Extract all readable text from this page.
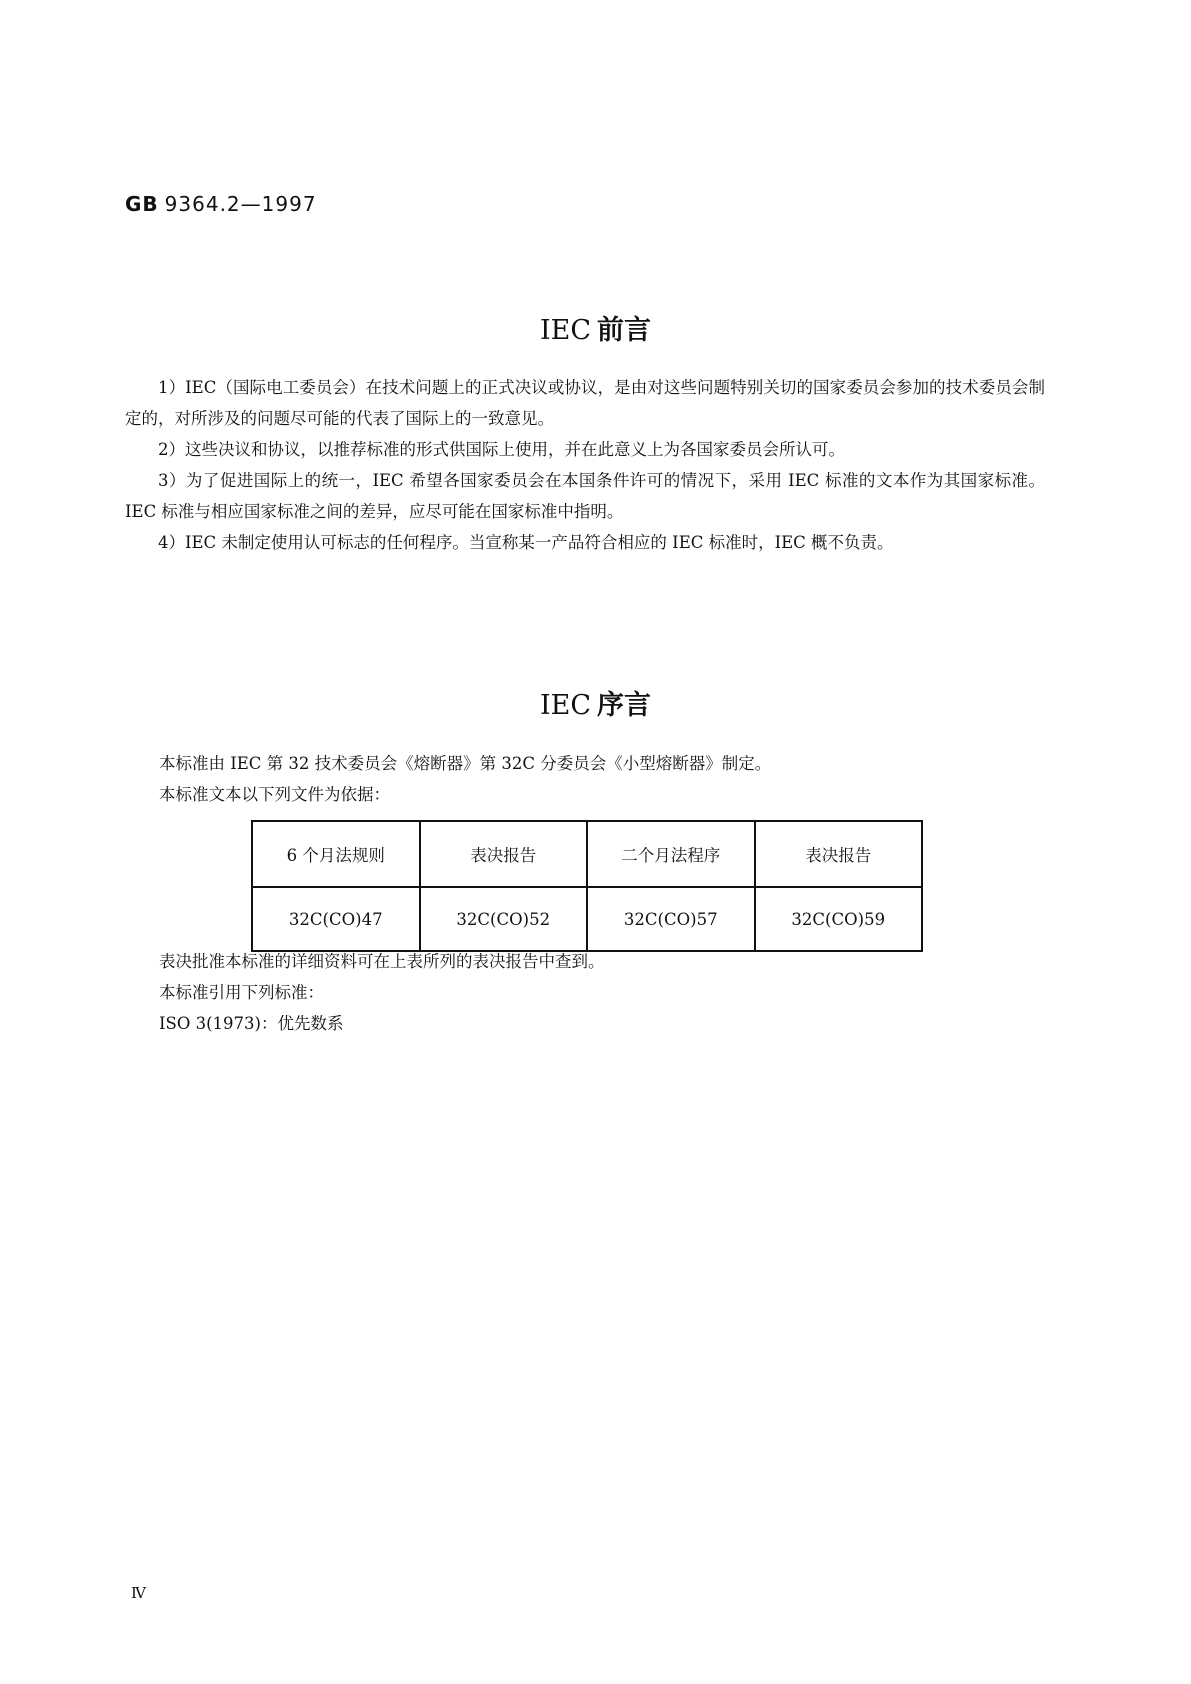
GB 9364.2—1997
IEC 前言

1）IEC（国际电工委员会）在技术问题上的正式决议或协议，是由对这些问题特别关切的国家委员会参加的技术委员会制定的，对所涉及的问题尽可能的代表了国际上的一致意见。

2）这些决议和协议，以推荐标准的形式供国际上使用，并在此意义上为各国家委员会所认可。

3）为了促进国际上的统一，IEC 希望各国家委员会在本国条件许可的情况下，采用 IEC 标准的文本作为其国家标准。IEC 标准与相应国家标准之间的差异，应尽可能在国家标准中指明。

4）IEC 未制定使用认可标志的任何程序。当宣称某一产品符合相应的 IEC 标准时，IEC 概不负责。

IEC 序言

本标准由 IEC 第 32 技术委员会《熔断器》第 32C 分委员会《小型熔断器》制定。

本标准文本以下列文件为依据：

6 个月法规则	表决报告	二个月法程序	表决报告
32C(CO)47	32C(CO)52	32C(CO)57	32C(CO)59

表决批准本标准的详细资料可在上表所列的表决报告中查到。

本标准引用下列标准：

ISO 3(1973)：优先数系

Ⅳ
